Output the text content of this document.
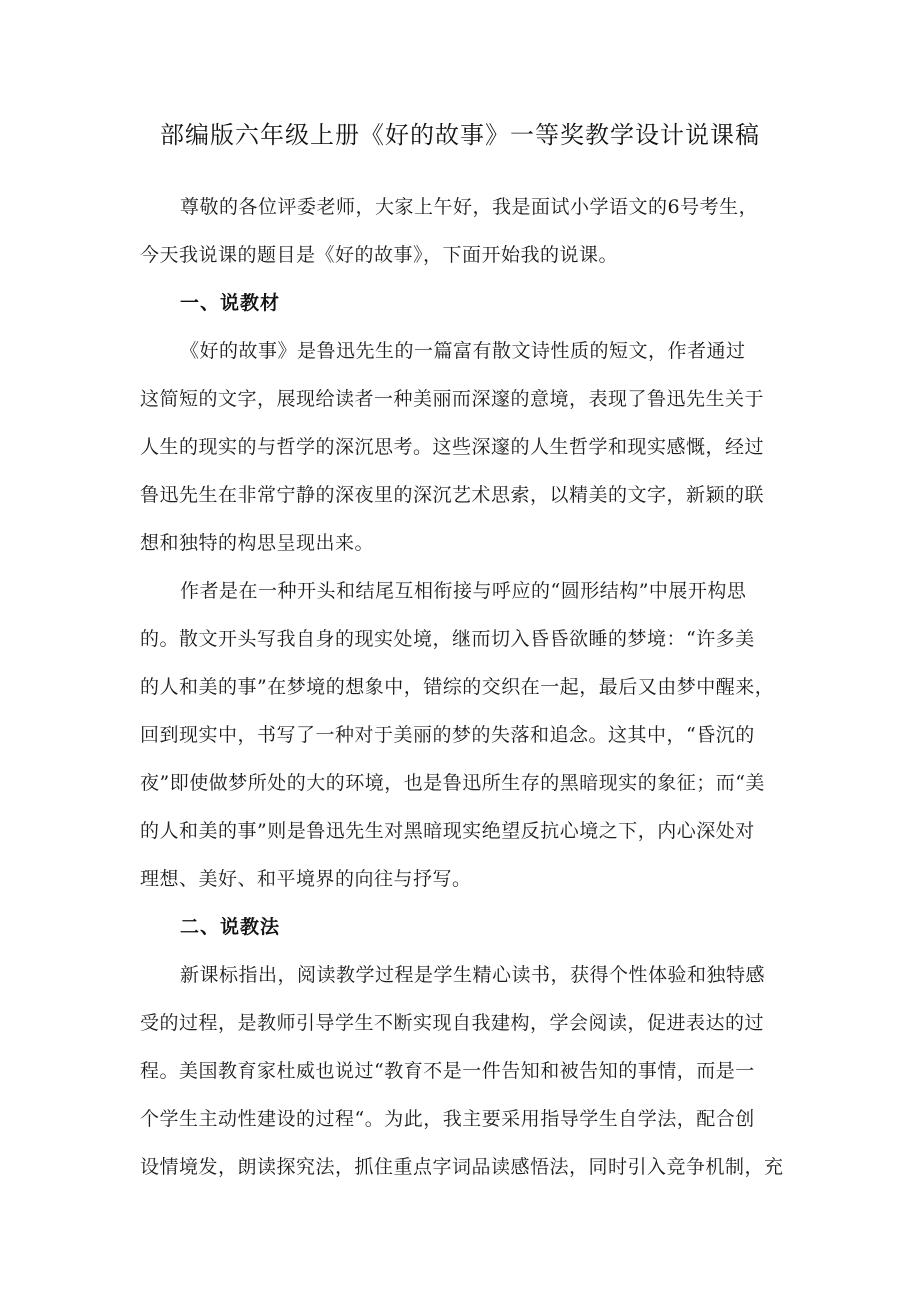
部编版六年级上册《好的故事》一等奖教学设计说课稿
尊敬的各位评委老师，大家上午好，我是面试小学语文的6号考生，
今天我说课的题目是《好的故事》，下面开始我的说课。
一、说教材
《好的故事》是鲁迅先生的一篇富有散文诗性质的短文，作者通过
这简短的文字，展现给读者一种美丽而深邃的意境，表现了鲁迅先生关于
人生的现实的与哲学的深沉思考。这些深邃的人生哲学和现实感慨，经过
鲁迅先生在非常宁静的深夜里的深沉艺术思索，以精美的文字，新颖的联
想和独特的构思呈现出来。
作者是在一种开头和结尾互相衔接与呼应的“圆形结构”中展开构思
的。散文开头写我自身的现实处境，继而切入昏昏欲睡的梦境：“许多美
的人和美的事”在梦境的想象中，错综的交织在一起，最后又由梦中醒来，
回到现实中，书写了一种对于美丽的梦的失落和追念。这其中，“昏沉的
夜”即使做梦所处的大的环境，也是鲁迅所生存的黑暗现实的象征；而“美
的人和美的事”则是鲁迅先生对黑暗现实绝望反抗心境之下，内心深处对
理想、美好、和平境界的向往与抒写。
二、说教法
新课标指出，阅读教学过程是学生精心读书，获得个性体验和独特感
受的过程，是教师引导学生不断实现自我建构，学会阅读，促进表达的过
程。美国教育家杜威也说过“教育不是一件告知和被告知的事情，而是一
个学生主动性建设的过程“。为此，我主要采用指导学生自学法，配合创
设情境发，朗读探究法，抓住重点字词品读感悟法，同时引入竞争机制，充
